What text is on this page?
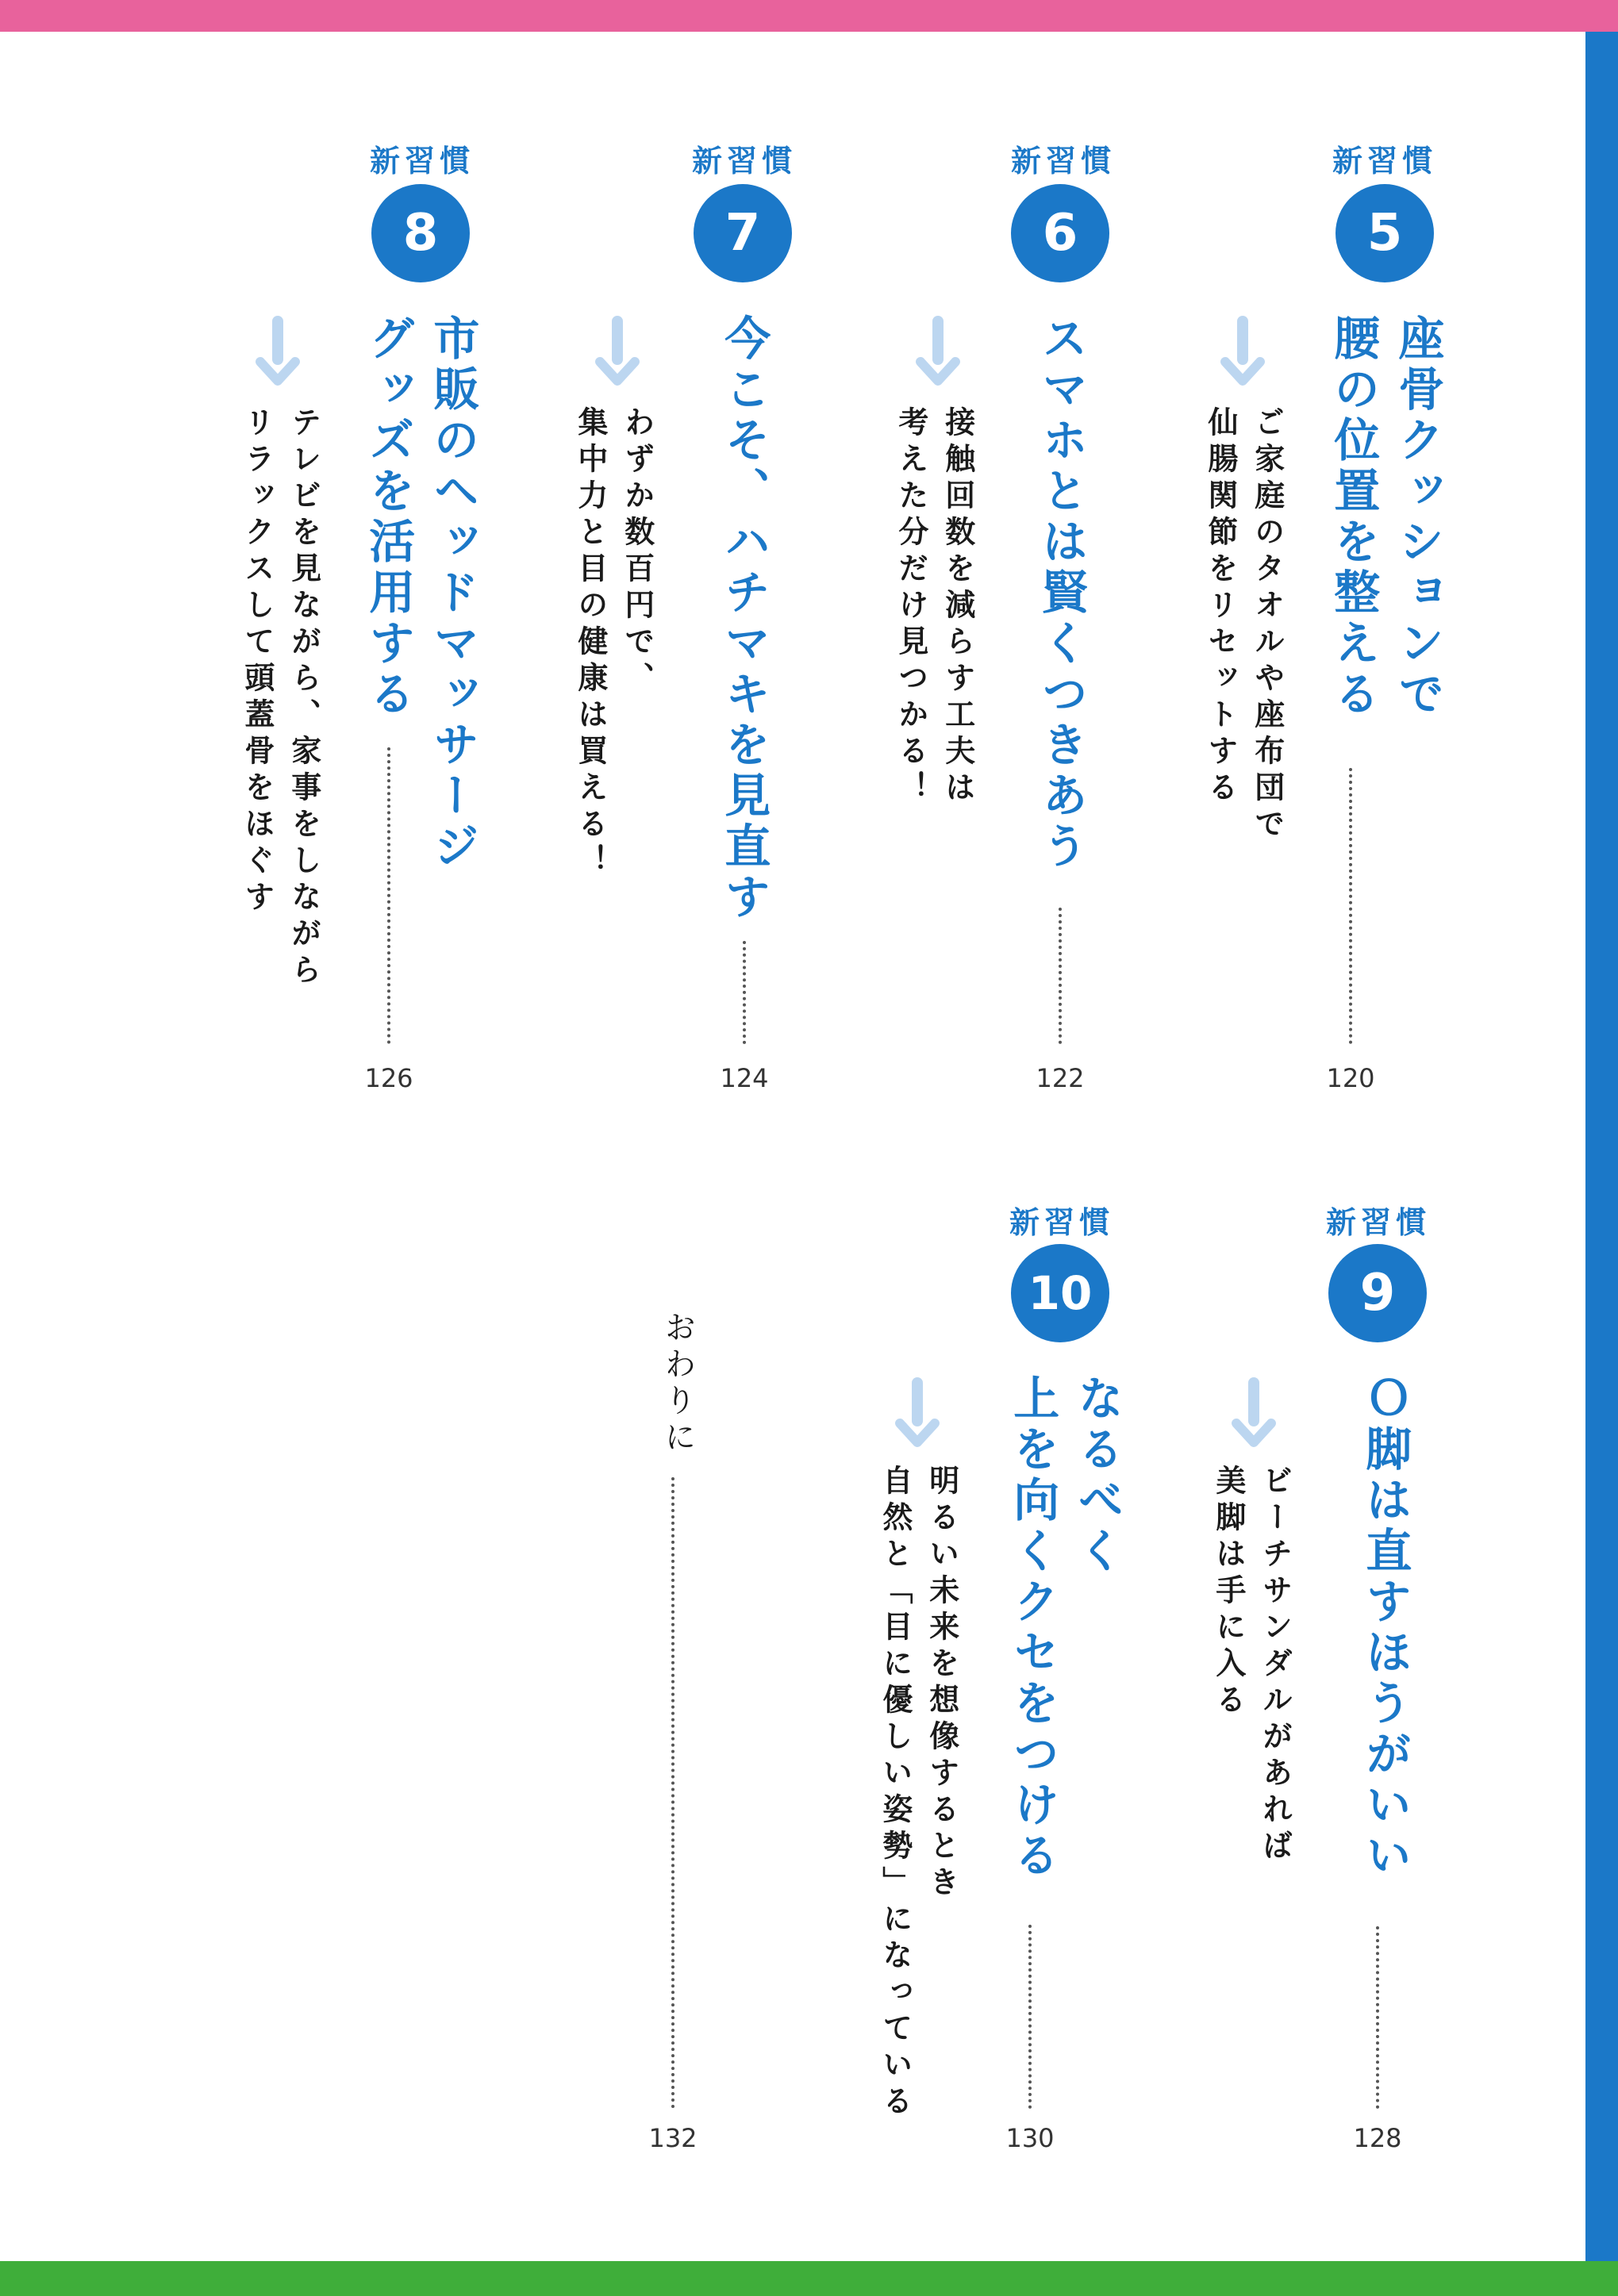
新習慣
5
座骨クッションで
腰の位置を整える
ご家庭のタオルや座布団で
仙腸関節をリセットする
120
新習慣
6
スマホとは賢くつきあう
接触回数を減らす工夫は
考えた分だけ見つかる！
122
新習慣
7
今こそ、ハチマキを見直す
わずか数百円で、
集中力と目の健康は買える！
124
新習慣
8
市販のヘッドマッサージ
グッズを活用する
テレビを見ながら、家事をしながら
リラックスして頭蓋骨をほぐす
126
新習慣
9
Ｏ脚は直すほうがいい
ビーチサンダルがあれば
美脚は手に入る
128
新習慣
10
なるべく
上を向くクセをつける
明るい未来を想像するとき
自然と「目に優しい姿勢」になっている
130
おわりに
132
